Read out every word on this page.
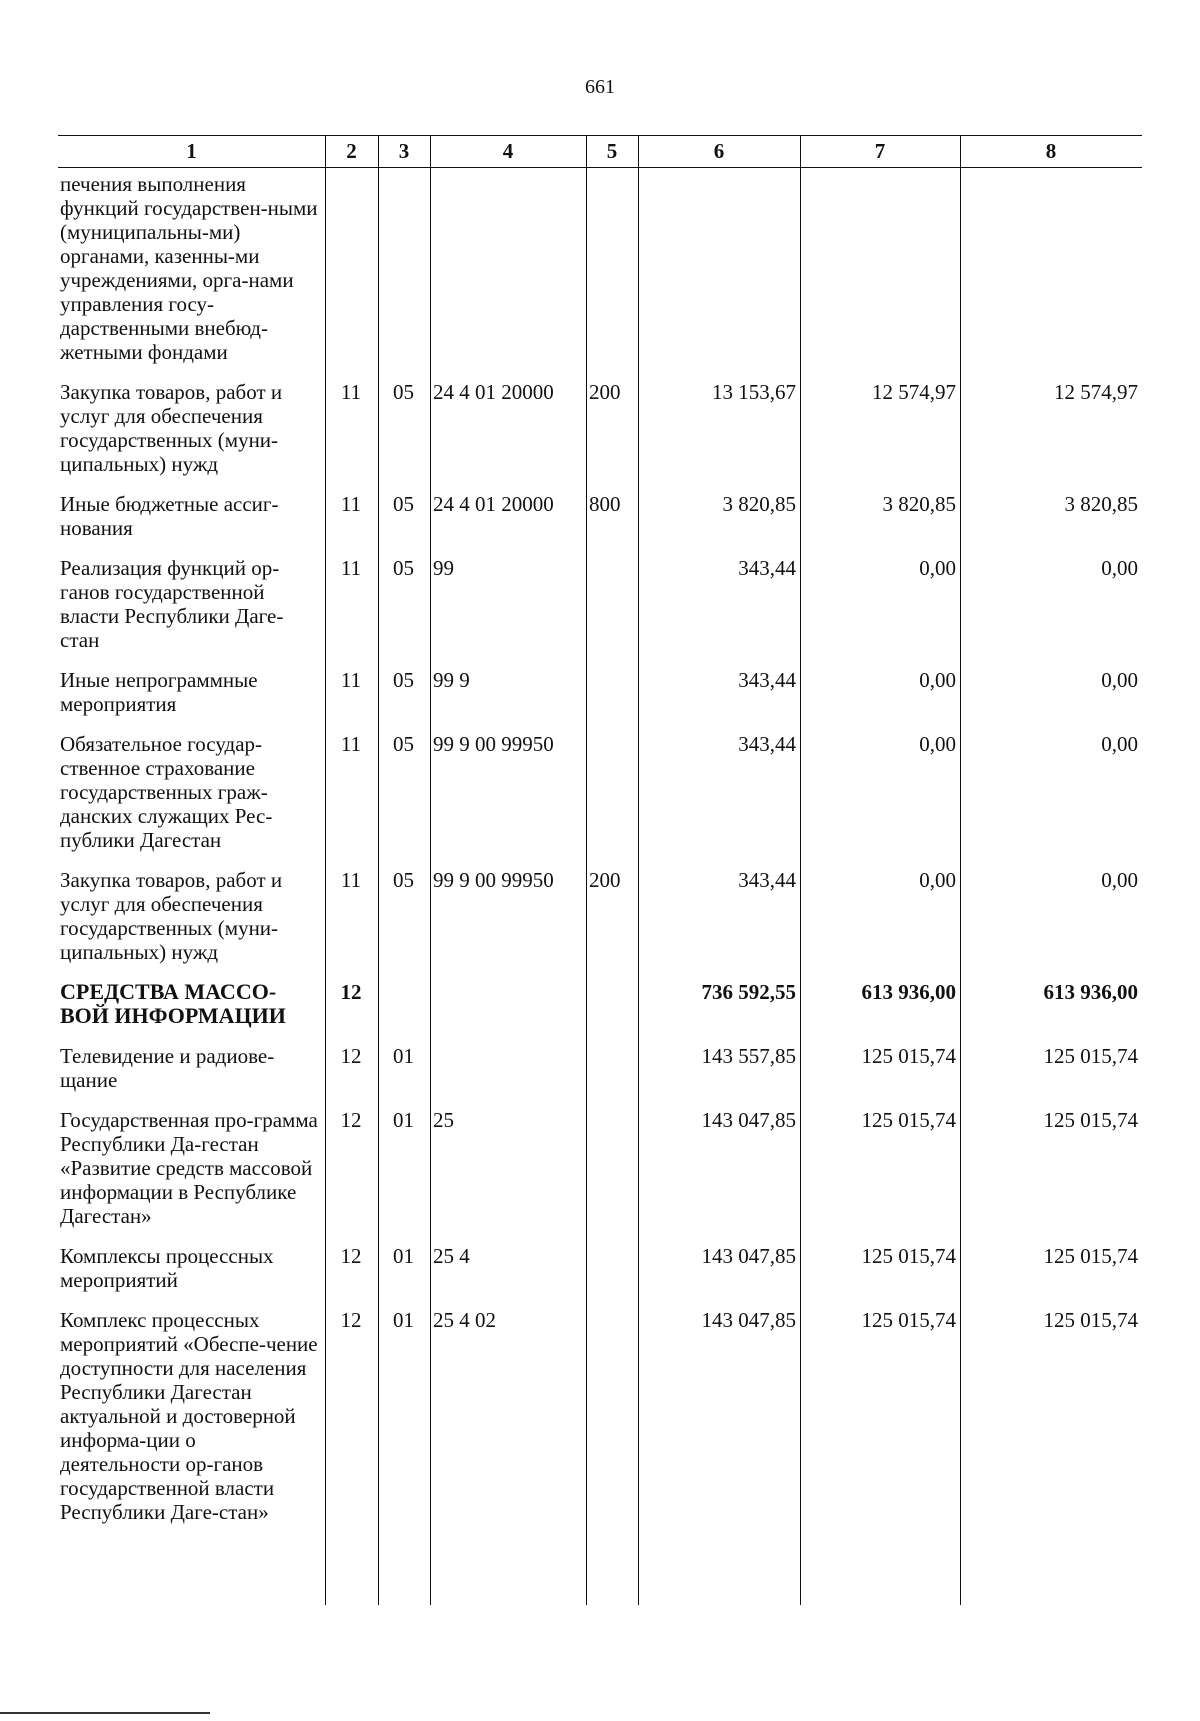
661
1	2	3	4	5	6	7	8
печения выполнения функций государствен-ными (муниципальны-ми) органами, казенны-ми учреждениями, орга-нами управления госу-дарственными внебюд-жетными фондами							
Закупка товаров, работ и услуг для обеспечения государственных (муни-ципальных) нужд	11	05	24 4 01 20000	200	13 153,67	12 574,97	12 574,97
Иные бюджетные ассиг-нования	11	05	24 4 01 20000	800	3 820,85	3 820,85	3 820,85
Реализация функций ор-ганов государственной власти Республики Даге-стан	11	05	99		343,44	0,00	0,00
Иные непрограммные мероприятия	11	05	99 9		343,44	0,00	0,00
Обязательное государ-ственное страхование государственных граж-данских служащих Рес-публики Дагестан	11	05	99 9 00 99950		343,44	0,00	0,00
Закупка товаров, работ и услуг для обеспечения государственных (муни-ципальных) нужд	11	05	99 9 00 99950	200	343,44	0,00	0,00
СРЕДСТВА МАССО-ВОЙ ИНФОРМАЦИИ	12				736 592,55	613 936,00	613 936,00
Телевидение и радиове-щание	12	01			143 557,85	125 015,74	125 015,74
Государственная про-грамма Республики Да-гестан «Развитие средств массовой информации в Республике Дагестан»	12	01	25		143 047,85	125 015,74	125 015,74
Комплексы процессных мероприятий	12	01	25 4		143 047,85	125 015,74	125 015,74
Комплекс процессных мероприятий «Обеспе-чение доступности для населения Республики Дагестан актуальной и достоверной информа-ции о деятельности ор-ганов государственной власти Республики Даге-стан»	12	01	25 4 02		143 047,85	125 015,74	125 015,74
